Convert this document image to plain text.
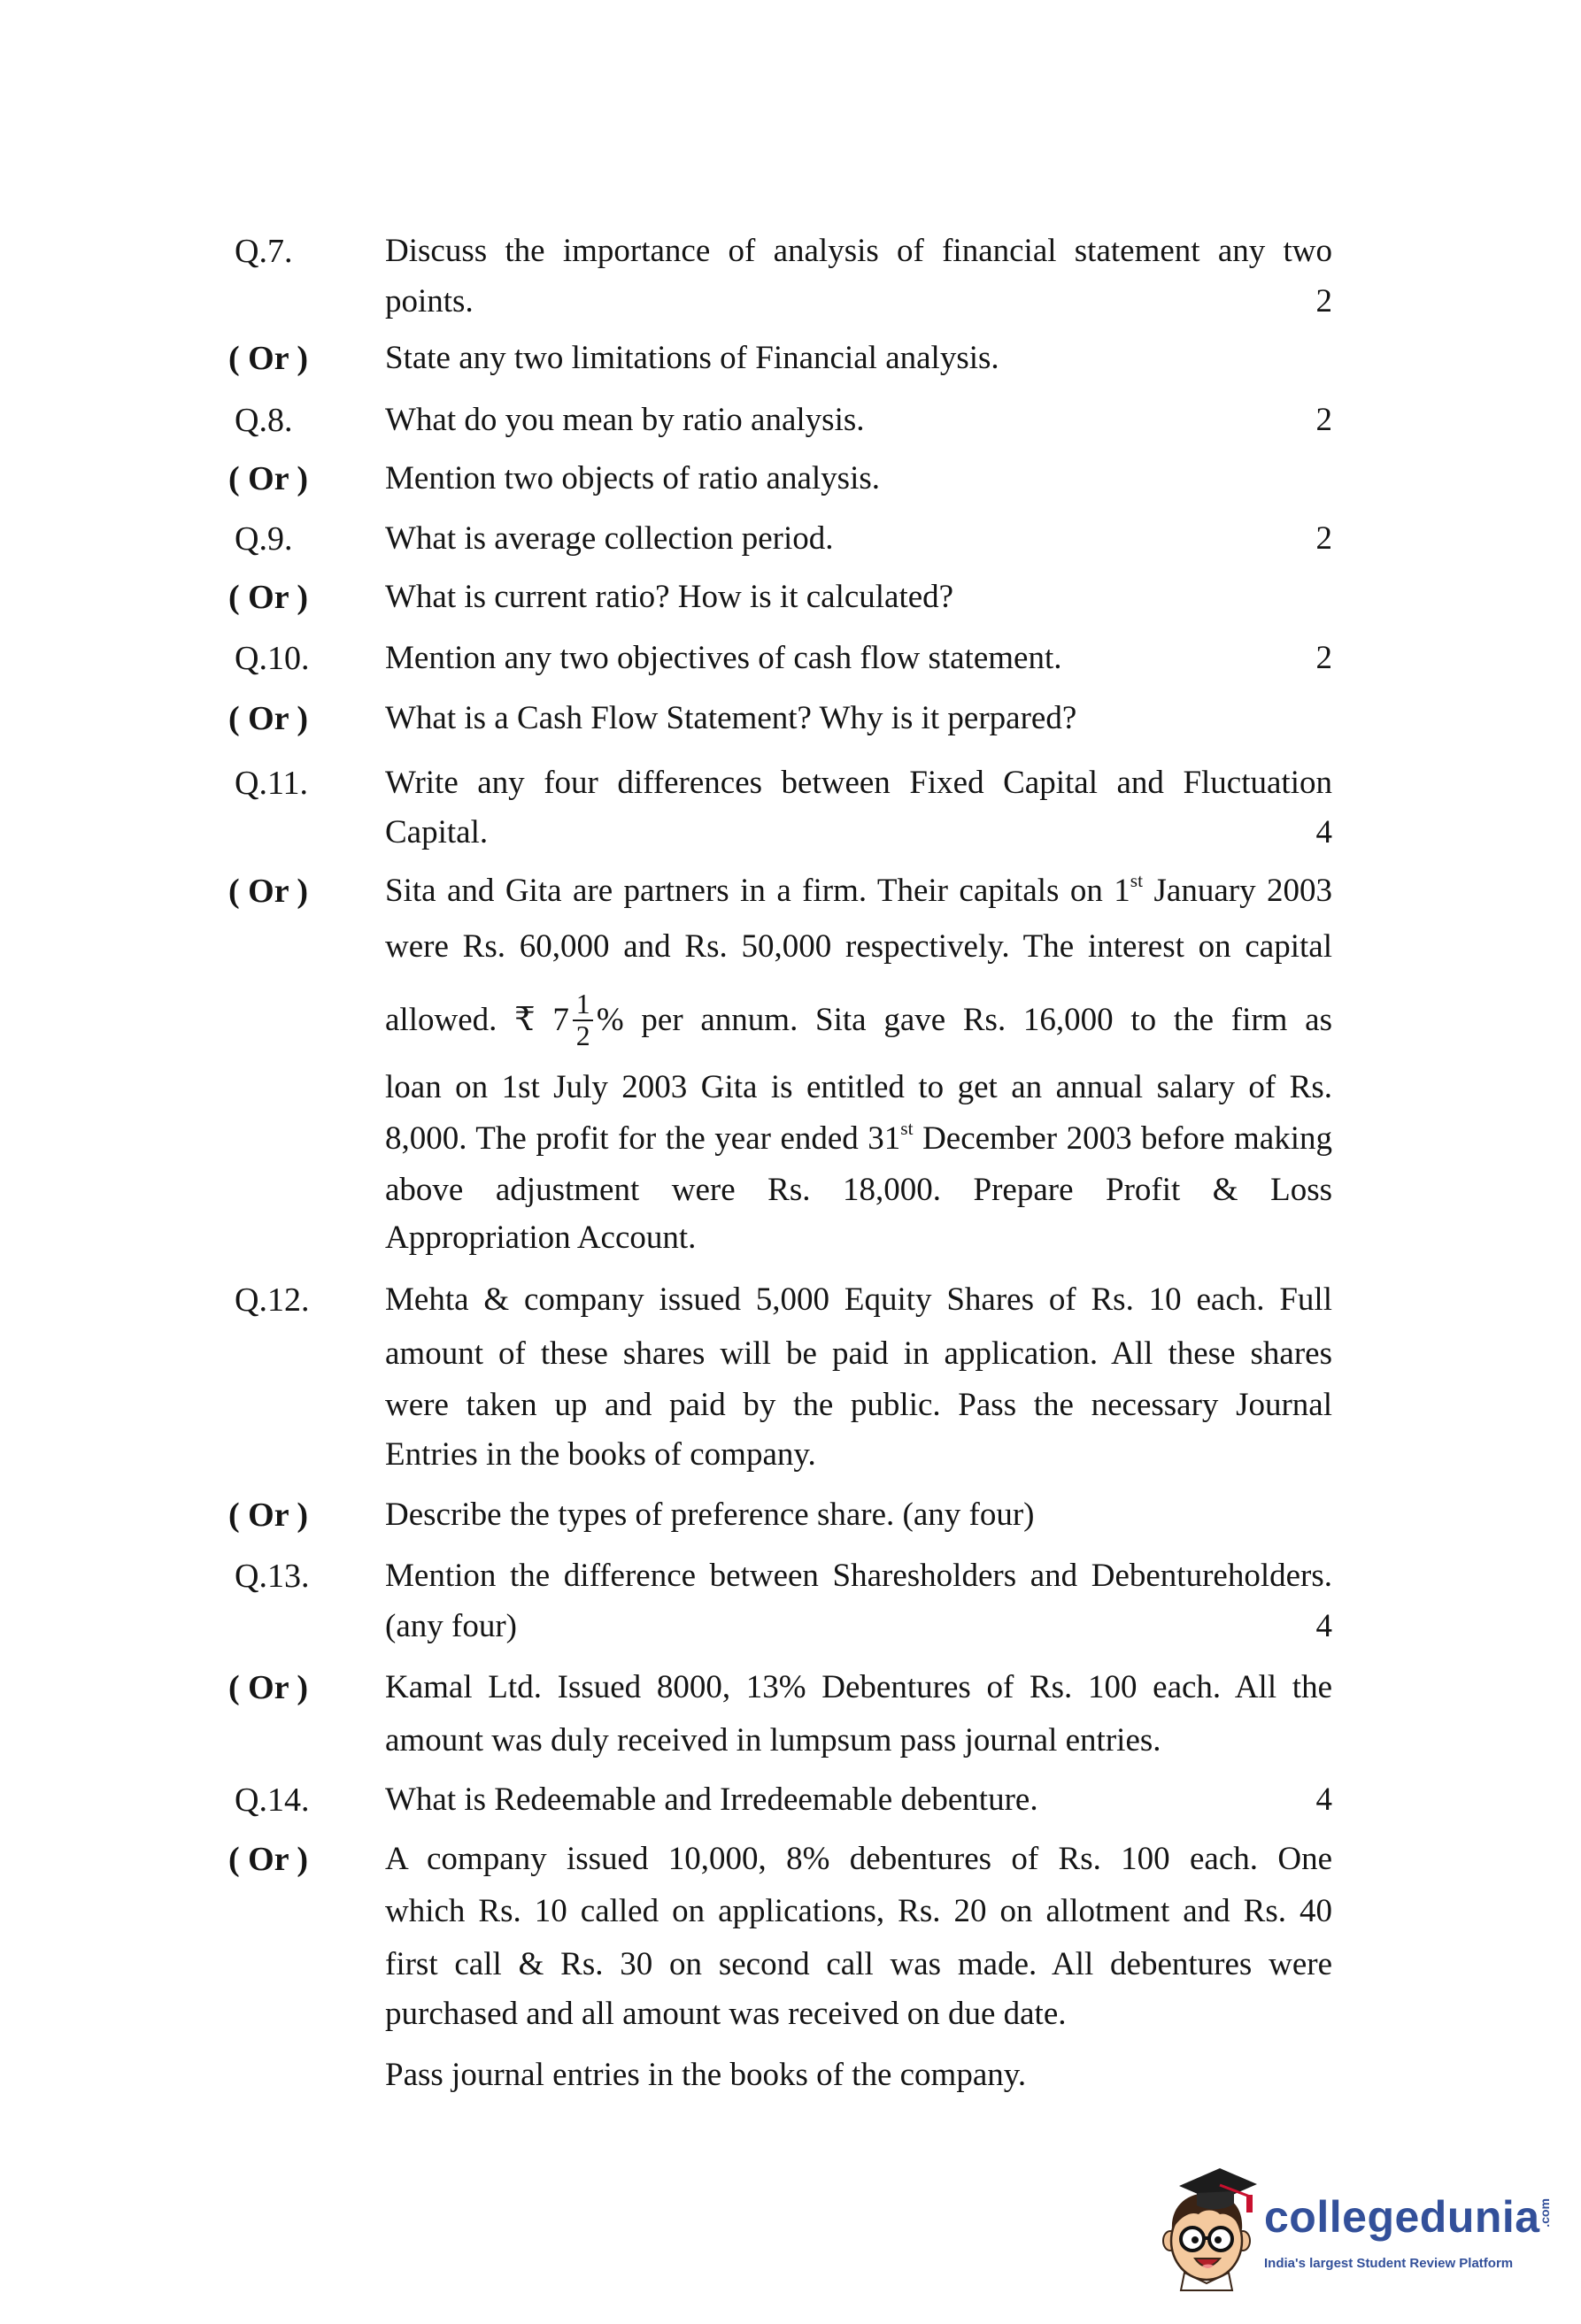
Q.7.	Discuss the importance of analysis of financial statement any two
points.	2
( Or ) State any two limitations of Financial analysis.
Q.8.	What do you mean by ratio analysis.	2
( Or ) Mention two objects of ratio analysis.
Q.9.	What is average collection period.	2
( Or ) What is current ratio? How is it calculated?
Q.10. Mention any two objectives of cash flow statement.	2
( Or ) What is a Cash Flow Statement? Why is it perpared?
Q.11. Write any four differences between Fixed Capital and Fluctuation
Capital.	4
( Or ) Sita and Gita are partners in a firm. Their capitals on 1st January 2003
were Rs. 60,000 and Rs. 50,000 respectively. The interest on capital
allowed. ₹ $7 \frac{1}{2}$ % per annum. Sita gave Rs. 16,000 to the firm as
loan on 1st July 2003 Gita is entitled to get an annual salary of Rs.
8,000. The profit for the year ended 31st December 2003 before making
above adjustment were Rs. 18,000. Prepare Profit & Loss
Appropriation Account.
Q.12. Mehta & company issued 5,000 Equity Shares of Rs. 10 each. Full
amount of these shares will be paid in application. All these shares
were taken up and paid by the public. Pass the necessary Journal
Entries in the books of company.
( Or ) Describe the types of preference share. (any four)
Q.13. Mention the difference between Sharesholders and Debentureholders.
(any four)	4
( Or ) Kamal Ltd. Issued 8000, 13% Debentures of Rs. 100 each. All the
amount was duly received in lumpsum pass journal entries.
Q.14. What is Redeemable and Irredeemable debenture.	4
( Or ) A company issued 10,000, 8% debentures of Rs. 100 each. One
which Rs. 10 called on applications, Rs. 20 on allotment and Rs. 40
first call & Rs. 30 on second call was made. All debentures were
purchased and all amount was received on due date.
Pass journal entries in the books of the company.
collegedunia
.com
India's largest Student Review Platform
